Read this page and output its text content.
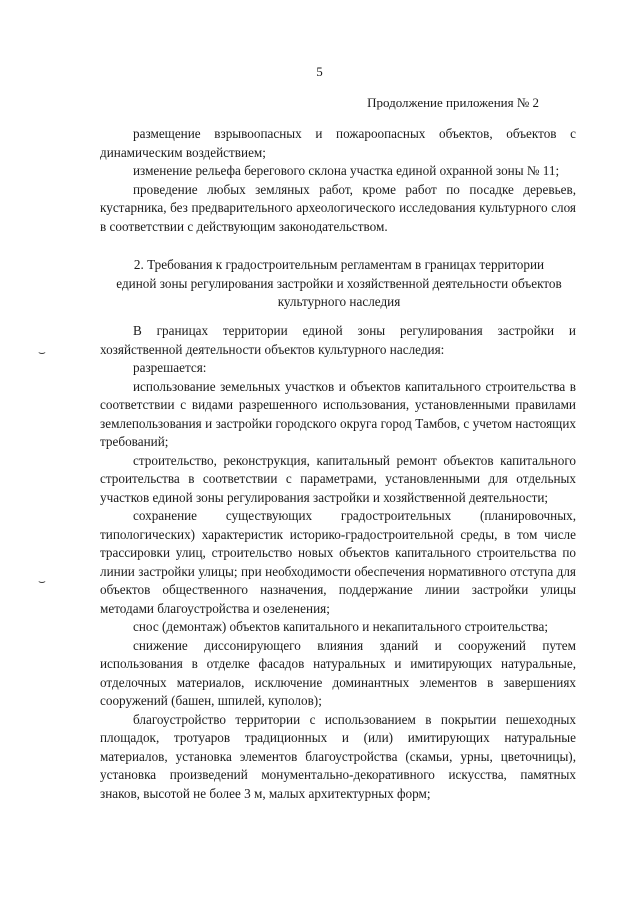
5
Продолжение приложения № 2

размещение взрывоопасных и пожароопасных объектов, объектов с динамическим воздействием;

изменение рельефа берегового склона участка единой охранной зоны № 11;

проведение любых земляных работ, кроме работ по посадке деревьев, кустарника, без предварительного археологического исследования культурного слоя в соответствии с действующим законодательством.

2. Требования к градостроительным регламентам в границах территории единой зоны регулирования застройки и хозяйственной деятельности объектов культурного наследия

В границах территории единой зоны регулирования застройки и хозяйственной деятельности объектов культурного наследия:

разрешается:

использование земельных участков и объектов капитального строительства в соответствии с видами разрешенного использования, установленными правилами землепользования и застройки городского округа город Тамбов, с учетом настоящих требований;

строительство, реконструкция, капитальный ремонт объектов капитального строительства в соответствии с параметрами, установленными для отдельных участков единой зоны регулирования застройки и хозяйственной деятельности;

сохранение существующих градостроительных (планировочных, типологических) характеристик историко-градостроительной среды, в том числе трассировки улиц, строительство новых объектов капитального строительства по линии застройки улицы; при необходимости обеспечения нормативного отступа для объектов общественного назначения, поддержание линии застройки улицы методами благоустройства и озеленения;

снос (демонтаж) объектов капитального и некапитального строительства;

снижение диссонирующего влияния зданий и сооружений путем использования в отделке фасадов натуральных и имитирующих натуральные, отделочных материалов, исключение доминантных элементов в завершениях сооружений (башен, шпилей, куполов);

благоустройство территории с использованием в покрытии пешеходных площадок, тротуаров традиционных и (или) имитирующих натуральные материалов, установка элементов благоустройства (скамьи, урны, цветочницы), установка произведений монументально-декоративного искусства, памятных знаков, высотой не более 3 м, малых архитектурных форм;

⌣
⌣
